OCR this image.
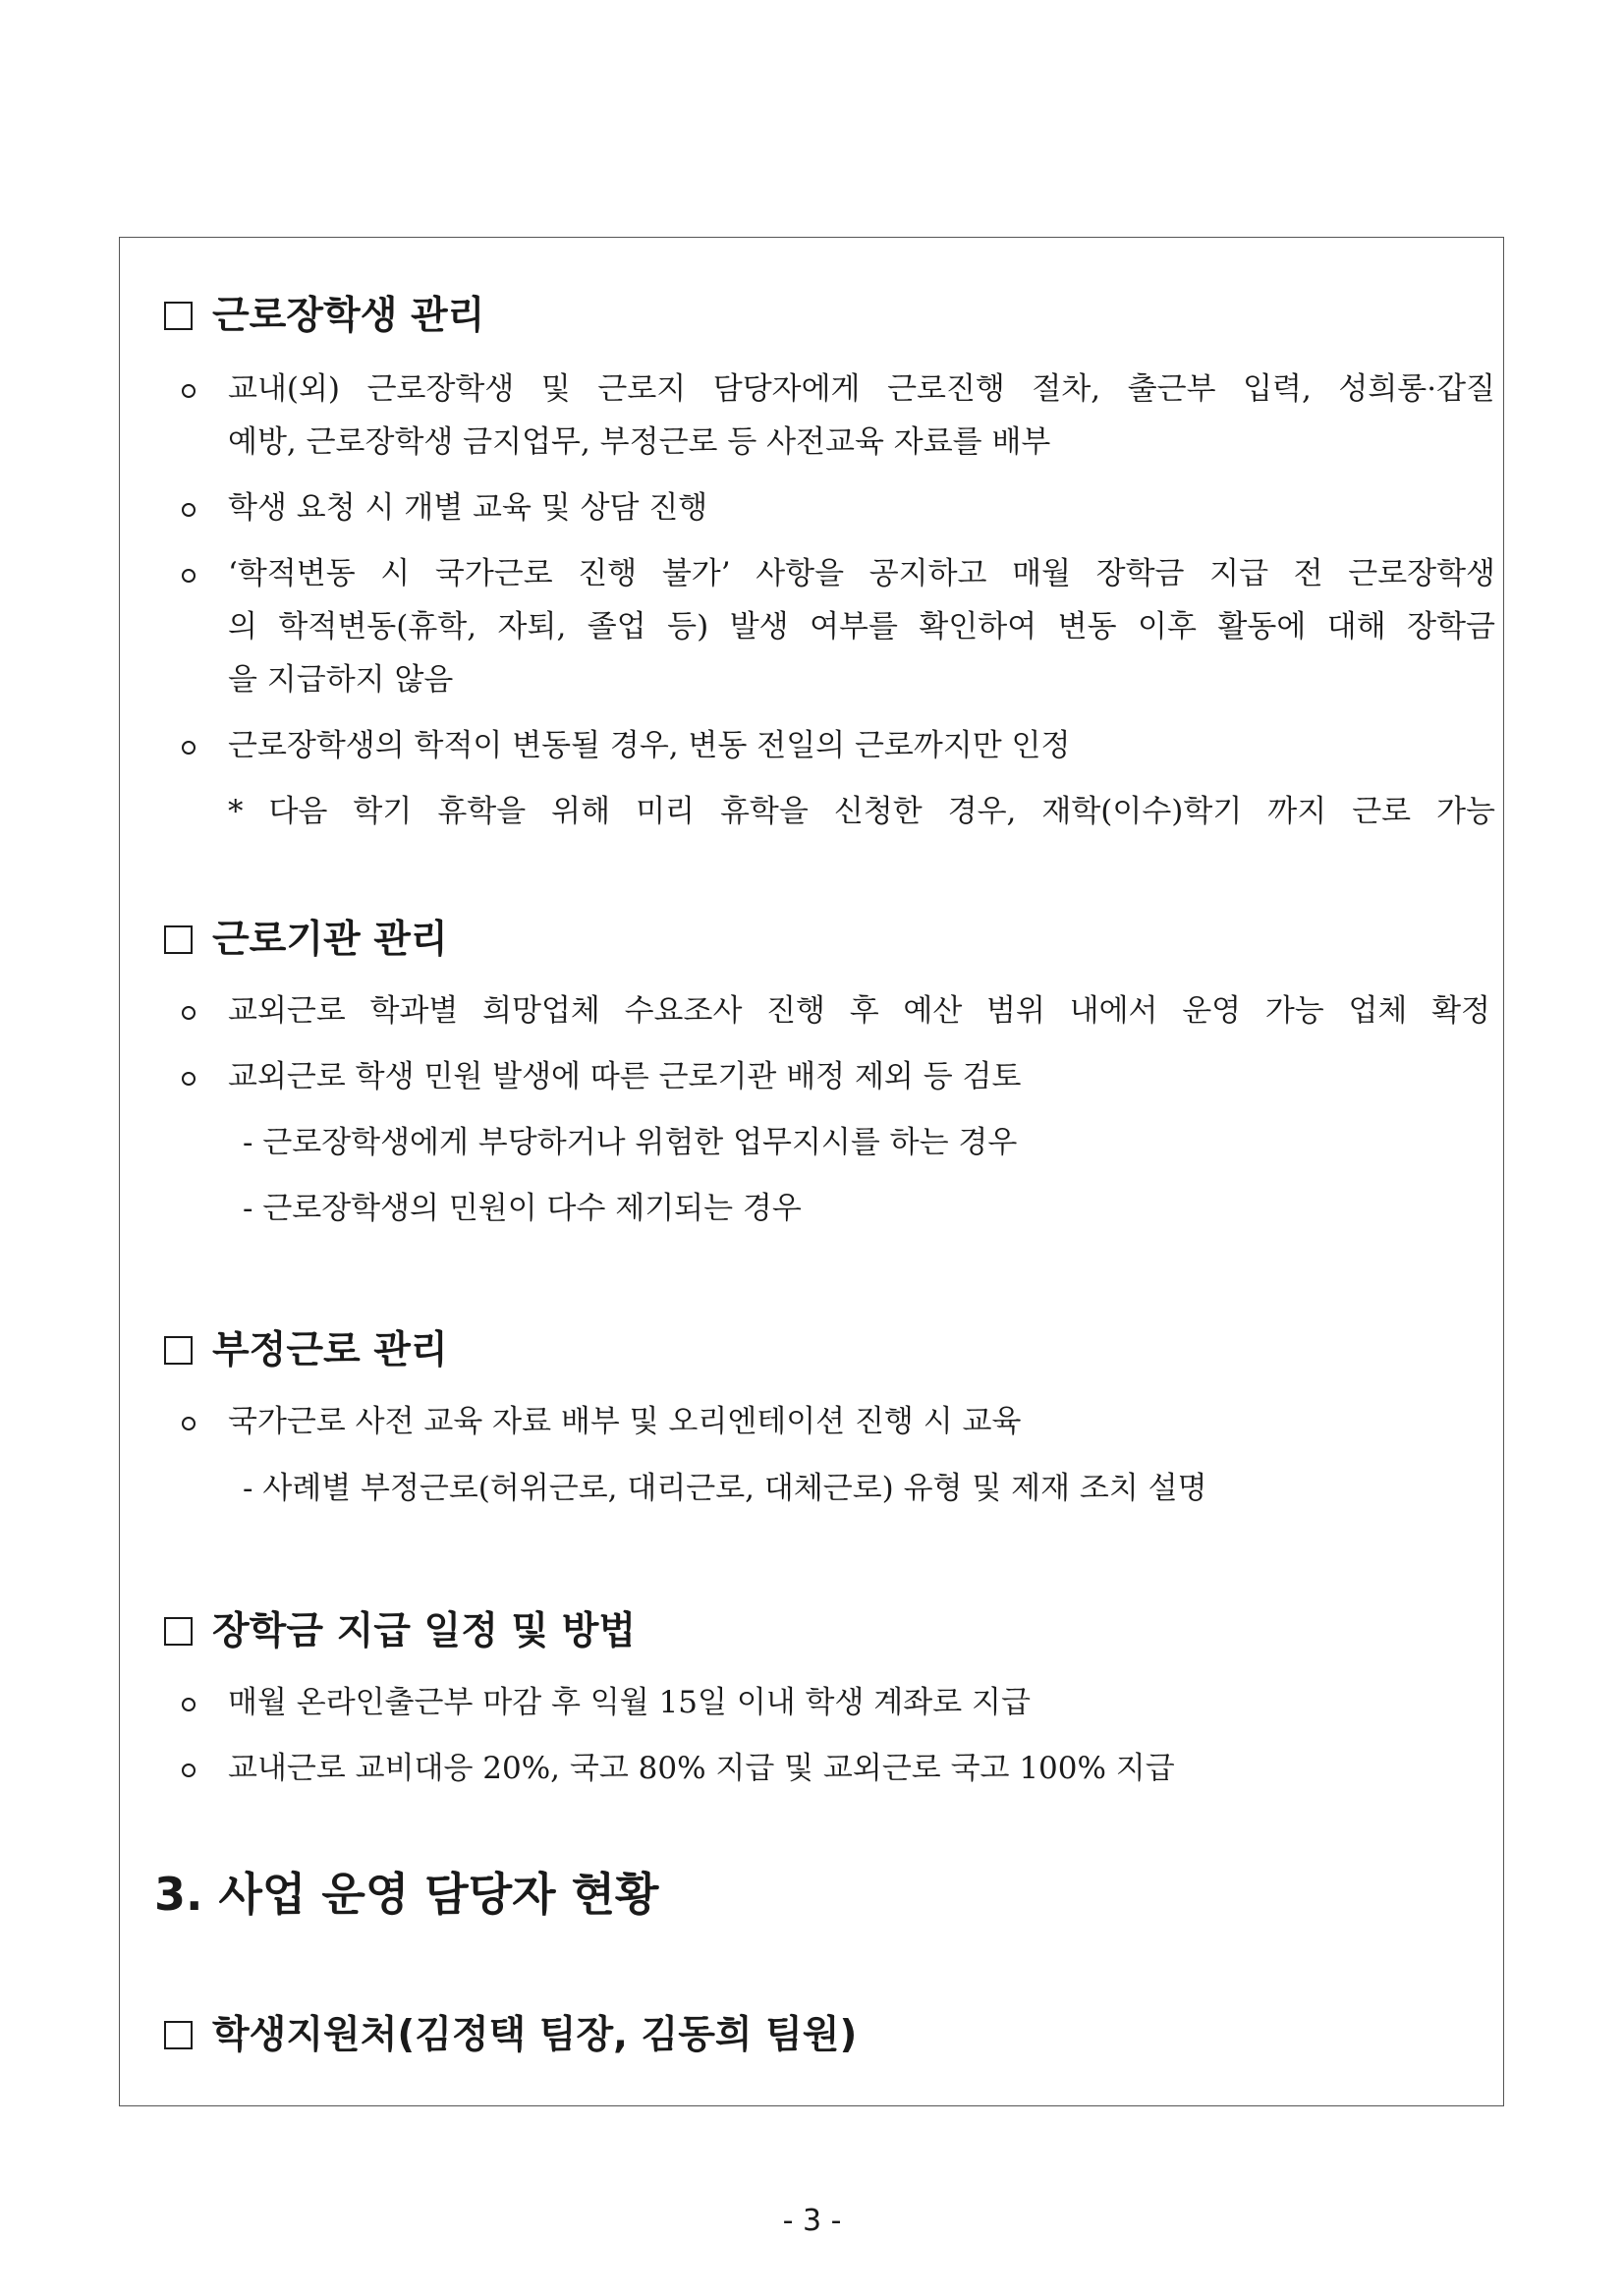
근로장학생 관리
교내(외) 근로장학생 및 근로지 담당자에게 근로진행 절차, 출근부 입력, 성희롱·갑질
예방, 근로장학생 금지업무, 부정근로 등 사전교육 자료를 배부
학생 요청 시 개별 교육 및 상담 진행
‘학적변동 시 국가근로 진행 불가’ 사항을 공지하고 매월 장학금 지급 전 근로장학생
의 학적변동(휴학, 자퇴, 졸업 등) 발생 여부를 확인하여 변동 이후 활동에 대해 장학금
을 지급하지 않음
근로장학생의 학적이 변동될 경우, 변동 전일의 근로까지만 인정
* 다음 학기 휴학을 위해 미리 휴학을 신청한 경우, 재학(이수)학기 까지 근로 가능
근로기관 관리
교외근로 학과별 희망업체 수요조사 진행 후 예산 범위 내에서 운영 가능 업체 확정
교외근로 학생 민원 발생에 따른 근로기관 배정 제외 등 검토
- 근로장학생에게 부당하거나 위험한 업무지시를 하는 경우
- 근로장학생의 민원이 다수 제기되는 경우
부정근로 관리
국가근로 사전 교육 자료 배부 및 오리엔테이션 진행 시 교육
- 사례별 부정근로(허위근로, 대리근로, 대체근로) 유형 및 제재 조치 설명
장학금 지급 일정 및 방법
매월 온라인출근부 마감 후 익월 15일 이내 학생 계좌로 지급
교내근로 교비대응 20%, 국고 80% 지급 및 교외근로 국고 100% 지급
3. 사업 운영 담당자 현황
학생지원처(김정택 팀장, 김동희 팀원)
- 3 -
